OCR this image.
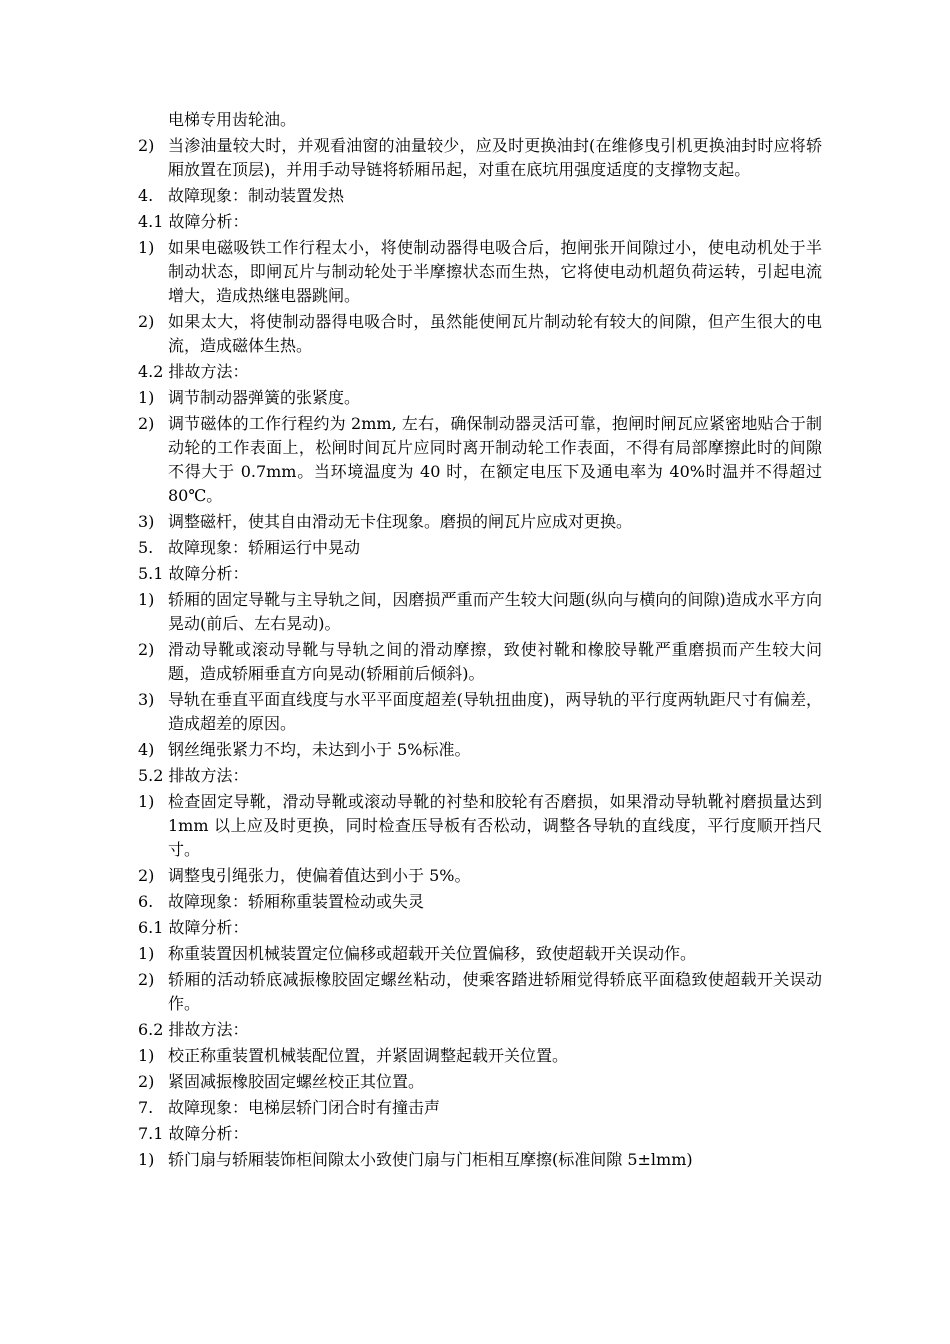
电梯专用齿轮油。
2) 当渗油量较大时，并观看油窗的油量较少，应及时更换油封(在维修曳引机更换油封时应将轿厢放置在顶层)，并用手动导链将轿厢吊起，对重在底坑用强度适度的支撑物支起。
4. 故障现象：制动装置发热
4.1 故障分析：
1) 如果电磁吸铁工作行程太小，将使制动器得电吸合后，抱闸张开间隙过小，使电动机处于半制动状态，即闸瓦片与制动轮处于半摩擦状态而生热，它将使电动机超负荷运转，引起电流增大，造成热继电器跳闸。
2) 如果太大，将使制动器得电吸合时，虽然能使闸瓦片制动轮有较大的间隙，但产生很大的电流，造成磁体生热。
4.2 排故方法：
1) 调节制动器弹簧的张紧度。
2) 调节磁体的工作行程约为 2mm, 左右，确保制动器灵活可靠，抱闸时闸瓦应紧密地贴合于制动轮的工作表面上，松闸时间瓦片应同时离开制动轮工作表面，不得有局部摩擦此时的间隙不得大于 0.7mm。当环境温度为 40 时，在额定电压下及通电率为 40%时温并不得超过 80℃。
3) 调整磁杆，使其自由滑动无卡住现象。磨损的闸瓦片应成对更换。
5. 故障现象：轿厢运行中晃动
5.1 故障分析：
1) 轿厢的固定导靴与主导轨之间，因磨损严重而产生较大问题(纵向与横向的间隙)造成水平方向晃动(前后、左右晃动)。
2) 滑动导靴或滚动导靴与导轨之间的滑动摩擦，致使衬靴和橡胶导靴严重磨损而产生较大问题，造成轿厢垂直方向晃动(轿厢前后倾斜)。
3) 导轨在垂直平面直线度与水平平面度超差(导轨扭曲度)，两导轨的平行度两轨距尺寸有偏差，造成超差的原因。
4) 钢丝绳张紧力不均，未达到小于 5%标准。
5.2 排故方法：
1) 检查固定导靴，滑动导靴或滚动导靴的衬垫和胶轮有否磨损，如果滑动导轨靴衬磨损量达到 1mm 以上应及时更换，同时检查压导板有否松动，调整各导轨的直线度，平行度顺开挡尺寸。
2) 调整曳引绳张力，使偏着值达到小于 5%。
6. 故障现象：轿厢称重装置检动或失灵
6.1 故障分析：
1) 称重装置因机械装置定位偏移或超载开关位置偏移，致使超载开关误动作。
2) 轿厢的活动轿底减振橡胶固定螺丝粘动，使乘客踏进轿厢觉得轿底平面稳致使超载开关误动作。
6.2 排故方法：
1) 校正称重装置机械装配位置，并紧固调整起载开关位置。
2) 紧固减振橡胶固定螺丝校正其位置。
7. 故障现象：电梯层轿门闭合时有撞击声
7.1 故障分析：
1) 轿门扇与轿厢装饰柜间隙太小致使门扇与门柜相互摩擦(标准间隙 5±lmm)
